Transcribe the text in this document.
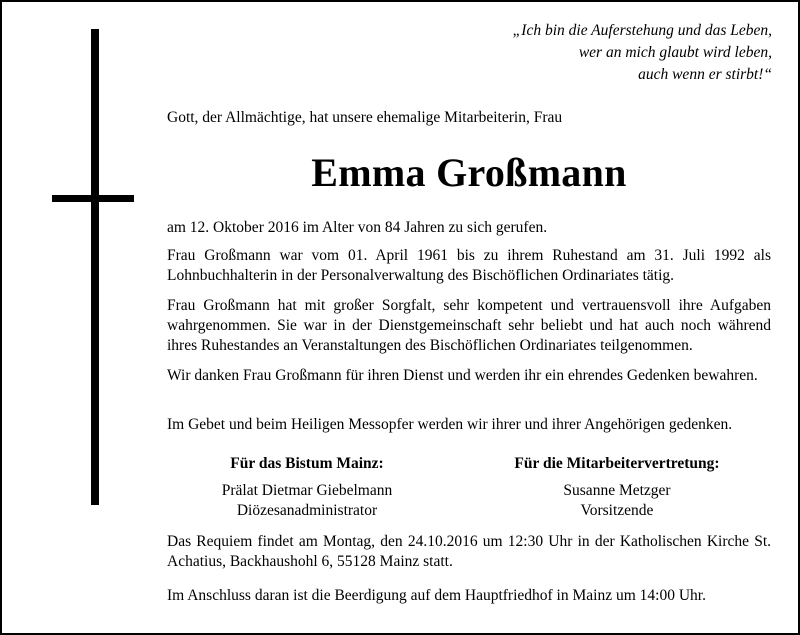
„Ich bin die Auferstehung und das Leben,
wer an mich glaubt wird leben,
auch wenn er stirbt!“

Gott, der Allmächtige, hat unsere ehemalige Mitarbeiterin, Frau

Emma Großmann

am 12. Oktober 2016 im Alter von 84 Jahren zu sich gerufen.

Frau Großmann war vom 01. April 1961 bis zu ihrem Ruhestand am 31. Juli 1992 als Lohnbuchhalterin in der Personalverwaltung des Bischöflichen Ordinariates tätig.

Frau Großmann hat mit großer Sorgfalt, sehr kompetent und vertrauensvoll ihre Aufgaben wahrgenommen. Sie war in der Dienstgemeinschaft sehr beliebt und hat auch noch während ihres Ruhestandes an Veranstaltungen des Bischöflichen Ordinariates teilgenommen.

Wir danken Frau Großmann für ihren Dienst und werden ihr ein ehrendes Gedenken bewahren.

Im Gebet und beim Heiligen Messopfer werden wir ihrer und ihrer Angehörigen gedenken.

Für das Bistum Mainz:
Prälat Dietmar Giebelmann
Diözesanadministrator
Für die Mitarbeitervertretung:
Susanne Metzger
Vorsitzende

Das Requiem findet am Montag, den 24.10.2016 um 12:30 Uhr in der Katholischen Kirche St. Achatius, Backhaushohl 6, 55128 Mainz statt.

Im Anschluss daran ist die Beerdigung auf dem Hauptfriedhof in Mainz um 14:00 Uhr.
